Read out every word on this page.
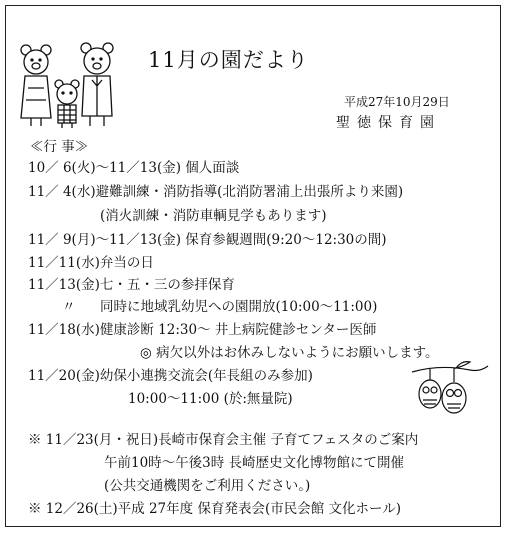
11月の園だより
平成27年10月29日
聖徳保育園
≪行 事≫
10／ 6(火)～11／13(金) 個人面談
11／ 4(水)避難訓練・消防指導(北消防署浦上出張所より来園)
(消火訓練・消防車輌見学もあります)
11／ 9(月)～11／13(金) 保育参観週間(9:20～12:30の間)
11／11(水)弁当の日
11／13(金)七・五・三の参拝保育
〃 同時に地域乳幼児への園開放(10:00～11:00)
11／18(水)健康診断 12:30～ 井上病院健診センター医師
◎ 病欠以外はお休みしないようにお願いします。
11／20(金)幼保小連携交流会(年長組のみ参加)
10:00～11:00 (於:無量院)
※ 11／23(月・祝日)長崎市保育会主催 子育てフェスタのご案内
午前10時～午後3時 長崎歴史文化博物館にて開催
(公共交通機関をご利用ください。)
※ 12／26(土)平成 27年度 保育発表会(市民会館 文化ホール)
